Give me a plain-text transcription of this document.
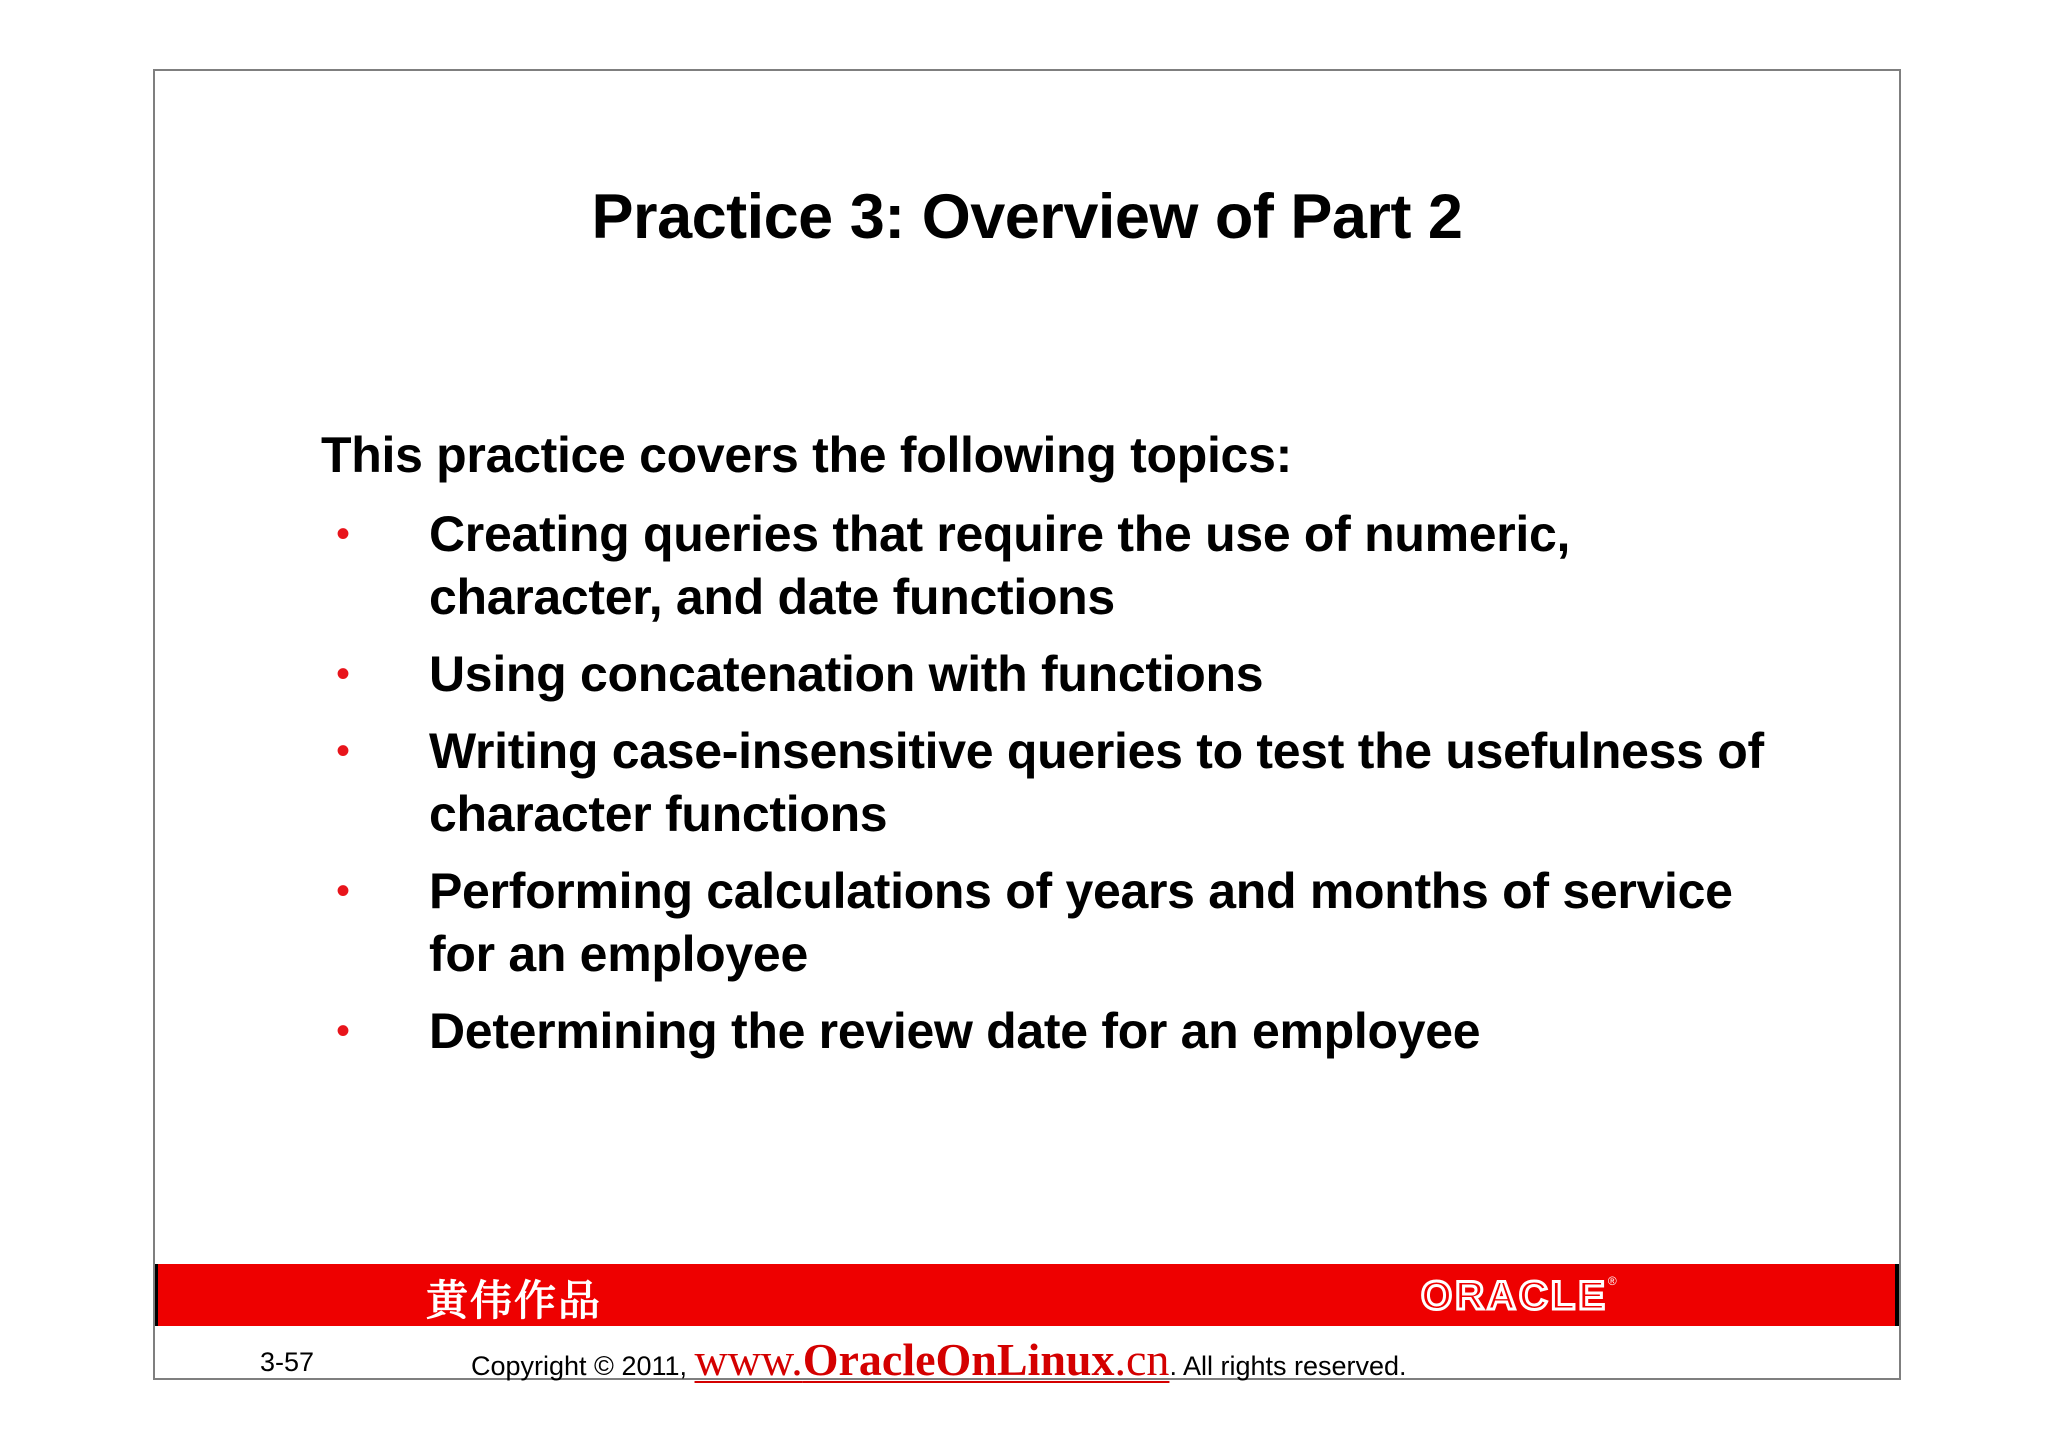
Practice 3: Overview of Part 2
This practice covers the following topics:
• Creating queries that require the use of numeric, character, and date functions
• Using concatenation with functions
• Writing case-insensitive queries to test the usefulness of character functions
• Performing calculations of years and months of service for an employee
• Determining the review date for an employee
黄伟作品	ORACLE®
3-57	Copyright © 2011, www.OracleOnLinux.cn. All rights reserved.
